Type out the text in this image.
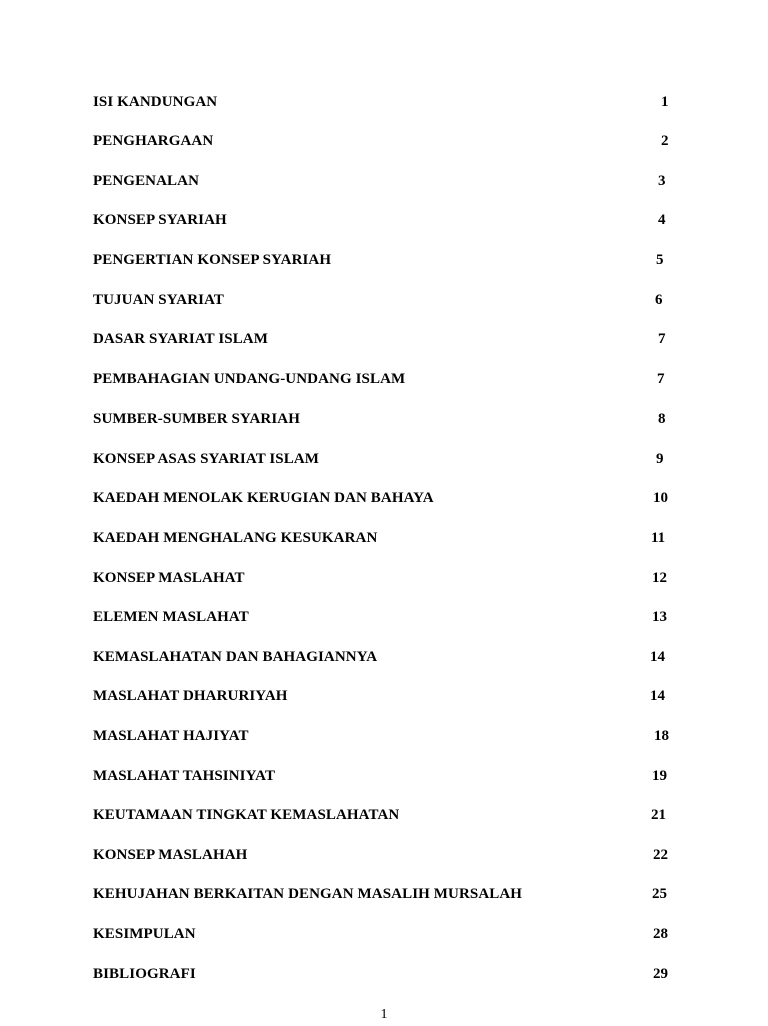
ISI KANDUNGAN	1
PENGHARGAAN	2
PENGENALAN	3
KONSEP SYARIAH	4
PENGERTIAN KONSEP SYARIAH	5
TUJUAN SYARIAT	6
DASAR SYARIAT ISLAM	7
PEMBAHAGIAN UNDANG-UNDANG ISLAM	7
SUMBER-SUMBER SYARIAH	8
KONSEP ASAS SYARIAT ISLAM	9
KAEDAH MENOLAK KERUGIAN DAN BAHAYA	10
KAEDAH MENGHALANG KESUKARAN	11
KONSEP MASLAHAT	12
ELEMEN MASLAHAT	13
KEMASLAHATAN DAN BAHAGIANNYA	14
MASLAHAT DHARURIYAH	14
MASLAHAT HAJIYAT	18
MASLAHAT TAHSINIYAT	19
KEUTAMAAN TINGKAT KEMASLAHATAN	21
KONSEP MASLAHAH	22
KEHUJAHAN BERKAITAN DENGAN MASALIH MURSALAH	25
KESIMPULAN	28
BIBLIOGRAFI	29
1
